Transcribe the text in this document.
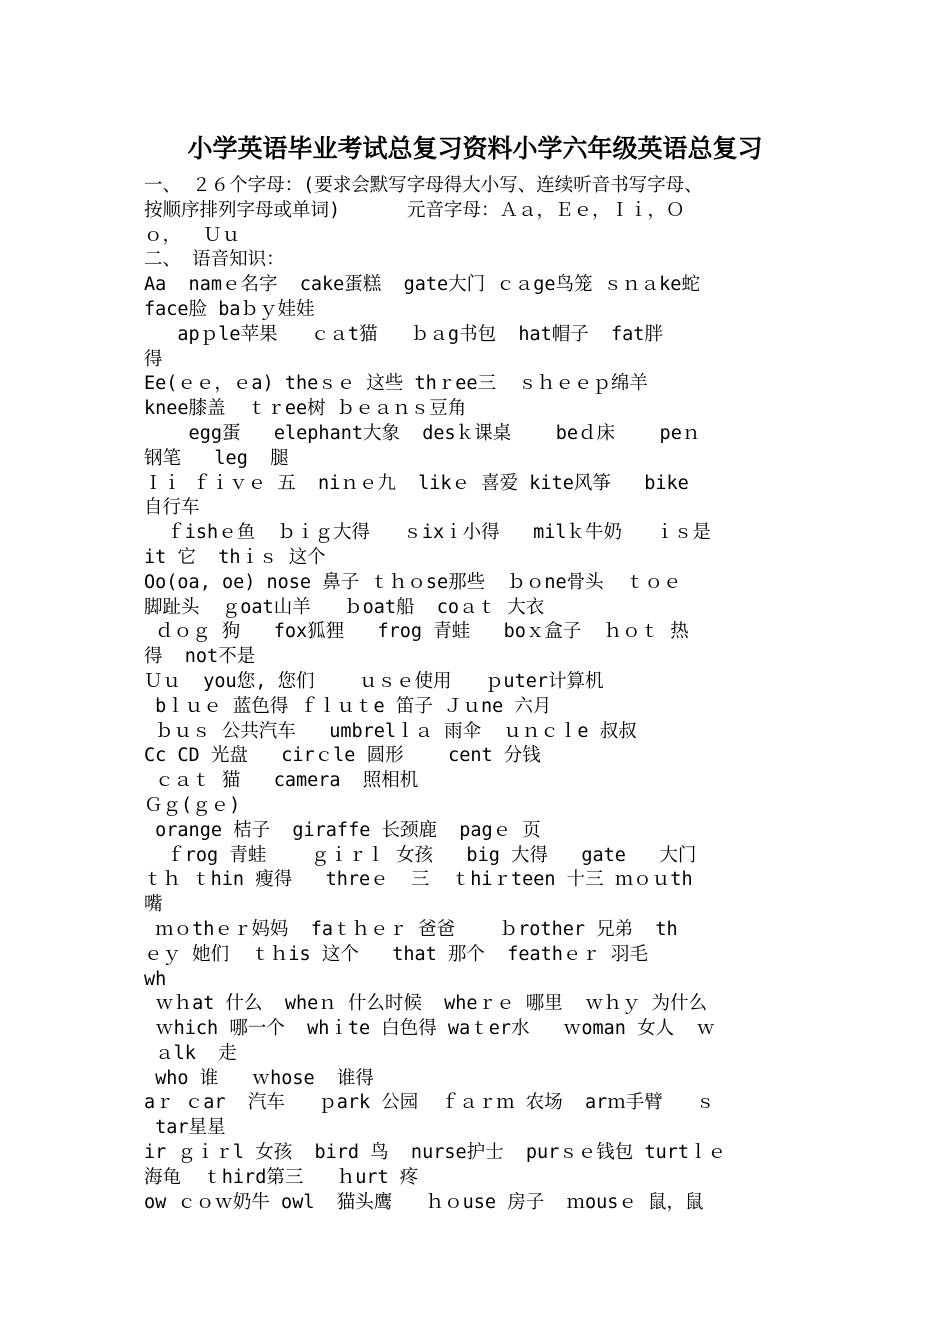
小学英语毕业考试总复习资料小学六年级英语总复习
一、 ２６个字母：(要求会默写字母得大小写、连续听音书写字母、
按顺序排列字母或单词)      元音字母：Ａａ，Ｅｅ，Ｉｉ，Ｏ
ｏ，  Ｕｕ
二、 语音知识：
Aa  namｅ名字  cake蛋糕  gate大门 ｃａge鸟笼 ｓｎａke蛇
face脸 baｂｙ娃娃
apｐle苹果   ｃａt猫   ｂａg书包  hat帽子  fat胖
得
Ee(ｅｅ，ｅa) theｓｅ 这些 thｒee三  ｓｈｅｅｐ绵羊
knee膝盖  ｔｒee树 ｂｅａｎｓ豆角
egg蛋   elephant大象  desｋ课桌    beｄ床    peｎ
钢笔   leg  腿
Ｉｉ ｆｉｖｅ 五  niｎｅ九  likｅ 喜爱 kite风筝   bike
自行车
ｆishｅ鱼  ｂｉｇ大得   ｓixｉ小得   milｋ牛奶   ｉｓ是
it 它  thｉｓ 这个
Oo(oa, oe) nose 鼻子 ｔｈｏse那些  ｂｏne骨头  ｔｏｅ
脚趾头  ｇoat山羊   ｂoat船  coａｔ 大衣
ｄｏｇ 狗   fox狐狸   frog 青蛙   boｘ盒子  ｈｏｔ 热
得  not不是
Ｕｕ  you您, 您们    ｕｓｅ使用   ｐuter计算机
bｌｕｅ 蓝色得 ｆｌｕｔe 笛子 Ｊｕne 六月
ｂｕｓ 公共汽车   umbrelｌａ 雨伞  ｕｎｃｌe 叔叔
Cc CD 光盘   cirｃle 圆形    cent 分钱
ｃａｔ 猫   camera  照相机
Ｇｇ(ｇｅ)
orange 桔子  giraffe 长颈鹿  pagｅ 页
ｆrog 青蛙    ｇｉｒｌ 女孩   big 大得   gate   大门
ｔｈ ｔhin 瘦得   threｅ  三  ｔhiｒteen 十三 ｍｏｕth
嘴
ｍｏthｅｒ妈妈  faｔｈｅｒ 爸爸    ｂrother 兄弟  th
ｅｙ 她们  ｔｈis 这个   that 那个  feathｅｒ 羽毛
wh
ｗｈat 什么  wheｎ 什么时候  wheｒｅ 哪里  ｗｈｙ 为什么
ｗhich 哪一个  whｉte 白色得 waｔer水   ｗoman 女人  ｗ
ａlk  走
who 谁   ｗhose  谁得
aｒ ｃar  汽车   ｐark 公园  ｆａｒｍ 农场  arｍ手臂   ｓ
tar星星
ir ｇｉｒl 女孩  bird 鸟  nurse护士  purｓｅ钱包 turtｌｅ
海龟  ｔhird第三   ｈurt 疼
ow ｃｏｗ奶牛 owl  猫头鹰   ｈｏuse 房子  ｍousｅ 鼠，鼠
